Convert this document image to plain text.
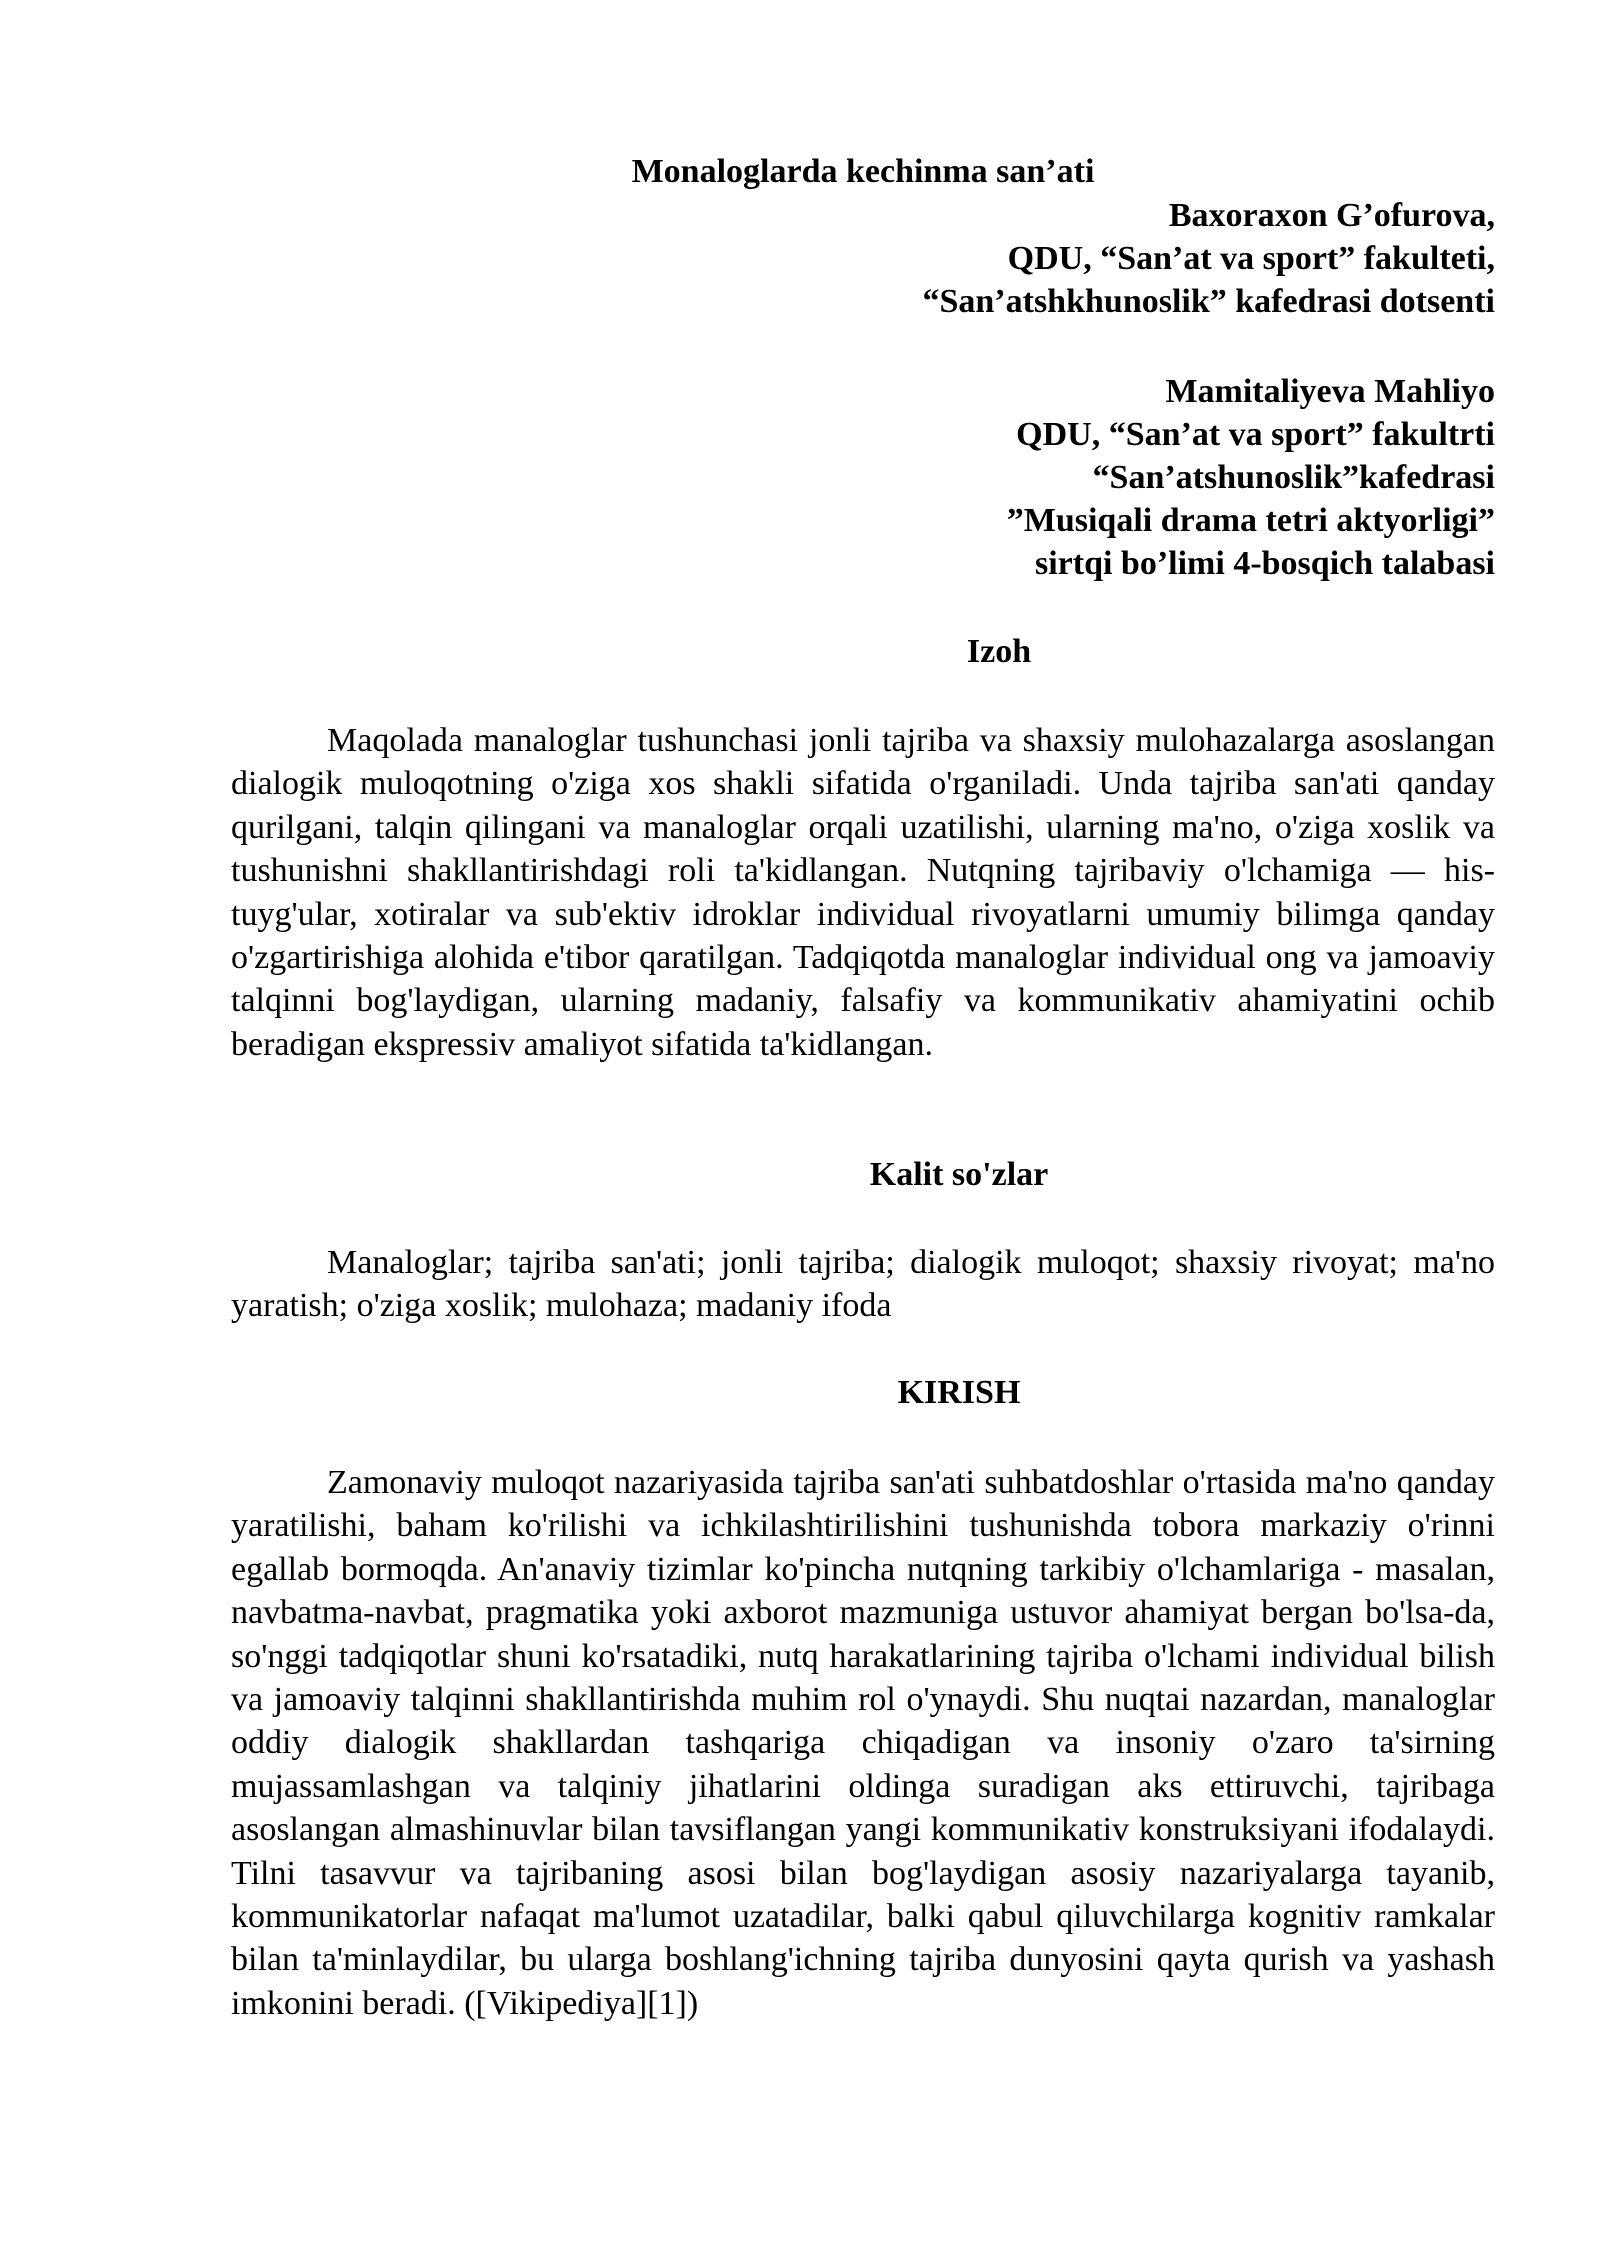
Monaloglarda kechinma san’ati
Baxoraxon G’ofurova,
QDU, “San’at va sport” fakulteti,
“San’atshkhunoslik” kafedrasi dotsenti
Mamitaliyeva Mahliyo
QDU, “San’at va sport” fakultrti
“San’atshunoslik”kafedrasi
”Musiqali drama tetri aktyorligi”
sirtqi bo’limi 4-bosqich talabasi
Izoh

Maqolada manaloglar tushunchasi jonli tajriba va shaxsiy mulohazalarga asoslangan dialogik muloqotning o'ziga xos shakli sifatida o'rganiladi. Unda tajriba san'ati qanday qurilgani, talqin qilingani va manaloglar orqali uzatilishi, ularning ma'no, o'ziga xoslik va tushunishni shakllantirishdagi roli ta'kidlangan. Nutqning tajribaviy o'lchamiga — his-tuyg'ular, xotiralar va sub'ektiv idroklar individual rivoyatlarni umumiy bilimga qanday o'zgartirishiga alohida e'tibor qaratilgan. Tadqiqotda manaloglar individual ong va jamoaviy talqinni bog'laydigan, ularning madaniy, falsafiy va kommunikativ ahamiyatini ochib beradigan ekspressiv amaliyot sifatida ta'kidlangan.

Kalit so'zlar

Manaloglar; tajriba san'ati; jonli tajriba; dialogik muloqot; shaxsiy rivoyat; ma'no yaratish; o'ziga xoslik; mulohaza; madaniy ifoda

KIRISH

Zamonaviy muloqot nazariyasida tajriba san'ati suhbatdoshlar o'rtasida ma'no qanday yaratilishi, baham ko'rilishi va ichkilashtirilishini tushunishda tobora markaziy o'rinni egallab bormoqda. An'anaviy tizimlar ko'pincha nutqning tarkibiy o'lchamlariga - masalan, navbatma-navbat, pragmatika yoki axborot mazmuniga ustuvor ahamiyat bergan bo'lsa-da, so'nggi tadqiqotlar shuni ko'rsatadiki, nutq harakatlarining tajriba o'lchami individual bilish va jamoaviy talqinni shakllantirishda muhim rol o'ynaydi. Shu nuqtai nazardan, manaloglar oddiy dialogik shakllardan tashqariga chiqadigan va insoniy o'zaro ta'sirning mujassamlashgan va talqiniy jihatlarini oldinga suradigan aks ettiruvchi, tajribaga asoslangan almashinuvlar bilan tavsiflangan yangi kommunikativ konstruksiyani ifodalaydi. Tilni tasavvur va tajribaning asosi bilan bog'laydigan asosiy nazariyalarga tayanib, kommunikatorlar nafaqat ma'lumot uzatadilar, balki qabul qiluvchilarga kognitiv ramkalar bilan ta'minlaydilar, bu ularga boshlang'ichning tajriba dunyosini qayta qurish va yashash imkonini beradi. ([Vikipediya][1])
